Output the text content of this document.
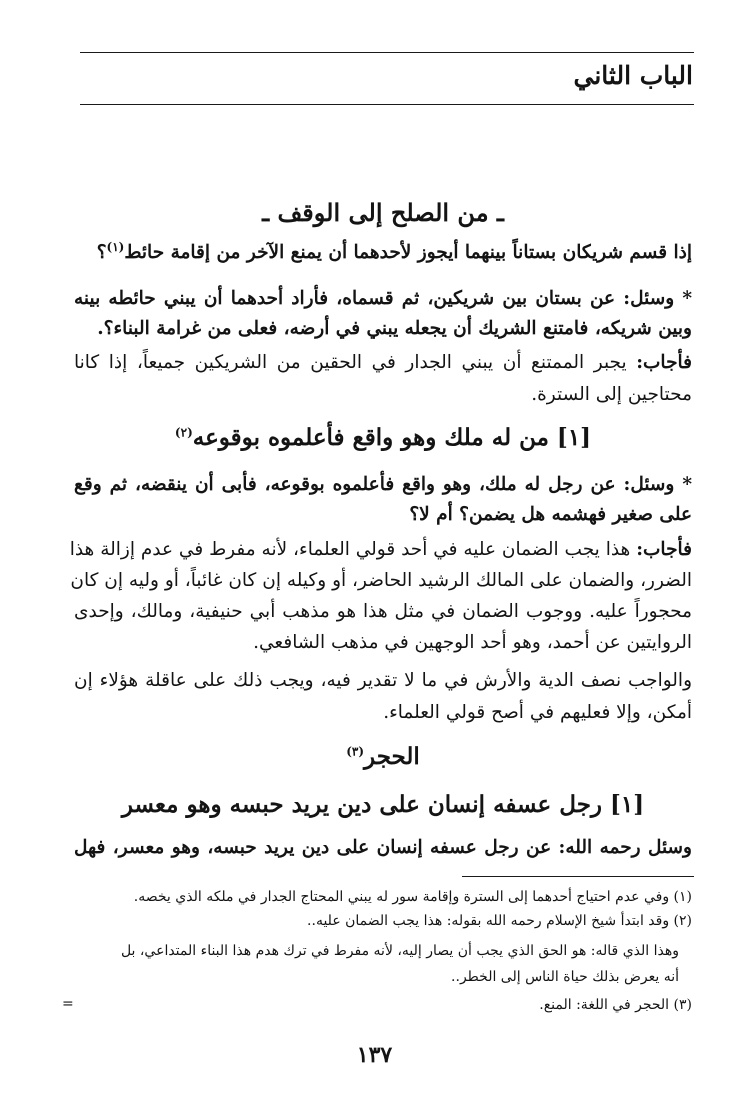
الباب الثاني
ـ من الصلح إلى الوقف ـ
إذا قسم شريكان بستاناً بينهما أيجوز لأحدهما أن يمنع الآخر من إقامة حائط$^{(١)}$؟
* وسئل: عن بستان بين شريكين، ثم قسماه، فأراد أحدهما أن يبني حائطه بينه
وبين شريكه، فامتنع الشريك أن يجعله يبني في أرضه، فعلى من غرامة البناء؟.
فأجاب: يجبر الممتنع أن يبني الجدار في الحقين من الشريكين جميعاً، إذا كانا
محتاجين إلى السترة.
[١] من له ملك وهو واقع فأعلموه بوقوعه$^{(٢)}$
* وسئل: عن رجل له ملك، وهو واقع فأعلموه بوقوعه، فأبى أن ينقضه، ثم وقع
على صغير فهشمه هل يضمن؟ أم لا؟
فأجاب: هذا يجب الضمان عليه في أحد قولي العلماء، لأنه مفرط في عدم إزالة هذا
الضرر، والضمان على المالك الرشيد الحاضر، أو وكيله إن كان غائباً، أو وليه إن كان
محجوراً عليه. ووجوب الضمان في مثل هذا هو مذهب أبي حنيفية، ومالك، وإحدى
الروايتين عن أحمد، وهو أحد الوجهين في مذهب الشافعي.
والواجب نصف الدية والأرش في ما لا تقدير فيه، ويجب ذلك على عاقلة هؤلاء إن
أمكن، وإلا فعليهم في أصح قولي العلماء.
الحجر$^{(٣)}$
[١] رجل عسفه إنسان على دين يريد حبسه وهو معسر
وسئل رحمه الله: عن رجل عسفه إنسان على دين يريد حبسه، وهو معسر، فهل
(١) وفي عدم احتياج أحدهما إلى السترة وإقامة سور له يبني المحتاج الجدار في ملكه الذي يخصه.
(٢) وقد ابتدأ شيخ الإسلام رحمه الله بقوله: هذا يجب الضمان عليه..
وهذا الذي قاله: هو الحق الذي يجب أن يصار إليه، لأنه مفرط في ترك هدم هذا البناء المتداعي، بل
أنه يعرض بذلك حياة الناس إلى الخطر..
(٣) الحجر في اللغة: المنع.
=
١٣٧
